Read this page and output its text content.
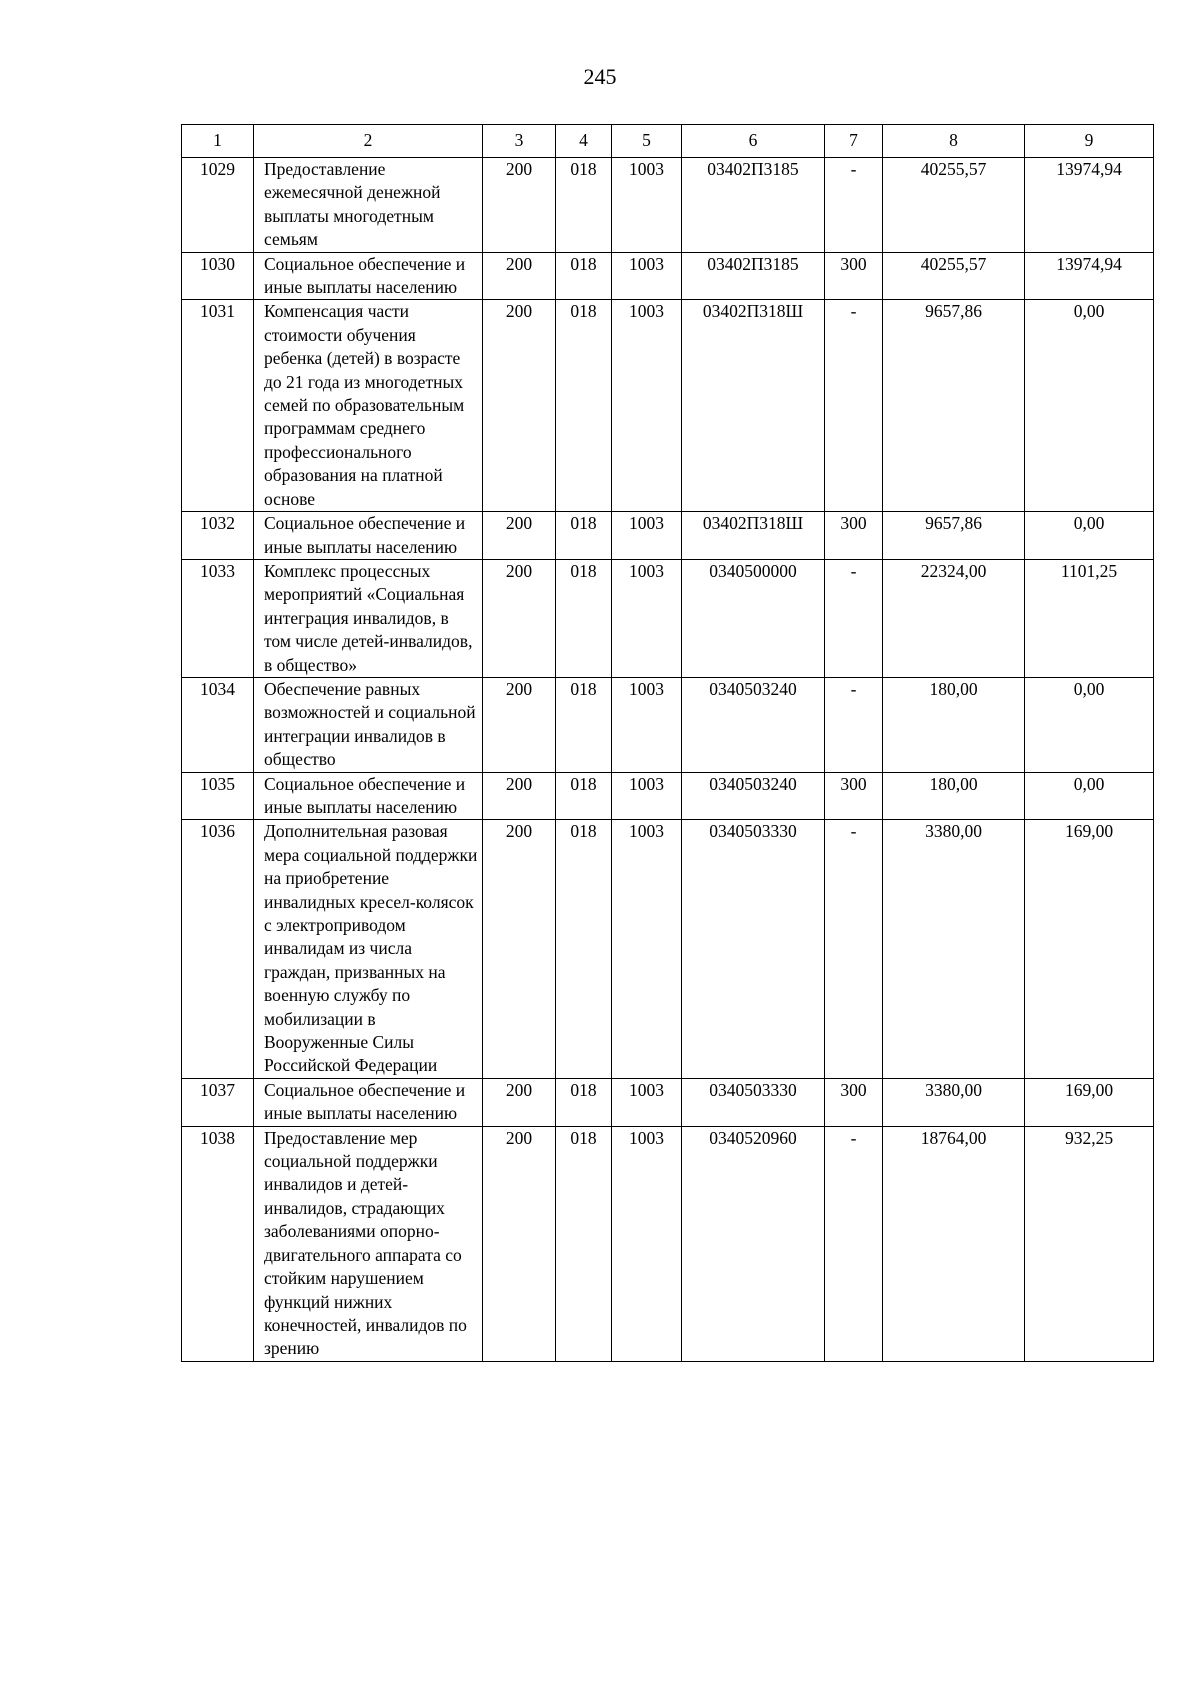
245
1	2	3	4	5	6	7	8	9
1029	Предоставление ежемесячной денежной выплаты многодетным семьям	200	018	1003	03402П3185	-	40255,57	13974,94
1030	Социальное обеспечение и иные выплаты населению	200	018	1003	03402П3185	300	40255,57	13974,94
1031	Компенсация части стоимости обучения ребенка (детей) в возрасте до 21 года из многодетных семей по образовательным программам среднего профессионального образования на платной основе	200	018	1003	03402П318Ш	-	9657,86	0,00
1032	Социальное обеспечение и иные выплаты населению	200	018	1003	03402П318Ш	300	9657,86	0,00
1033	Комплекс процессных мероприятий «Социальная интеграция инвалидов, в том числе детей-инвалидов, в общество»	200	018	1003	0340500000	-	22324,00	1101,25
1034	Обеспечение равных возможностей и социальной интеграции инвалидов в общество	200	018	1003	0340503240	-	180,00	0,00
1035	Социальное обеспечение и иные выплаты населению	200	018	1003	0340503240	300	180,00	0,00
1036	Дополнительная разовая мера социальной поддержки на приобретение инвалидных кресел-колясок с электроприводом инвалидам из числа граждан, призванных на военную службу по мобилизации в Вооруженные Силы Российской Федерации	200	018	1003	0340503330	-	3380,00	169,00
1037	Социальное обеспечение и иные выплаты населению	200	018	1003	0340503330	300	3380,00	169,00
1038	Предоставление мер социальной поддержки инвалидов и детей-инвалидов, страдающих заболеваниями опорно-двигательного аппарата со стойким нарушением функций нижних конечностей, инвалидов по зрению	200	018	1003	0340520960	-	18764,00	932,25
